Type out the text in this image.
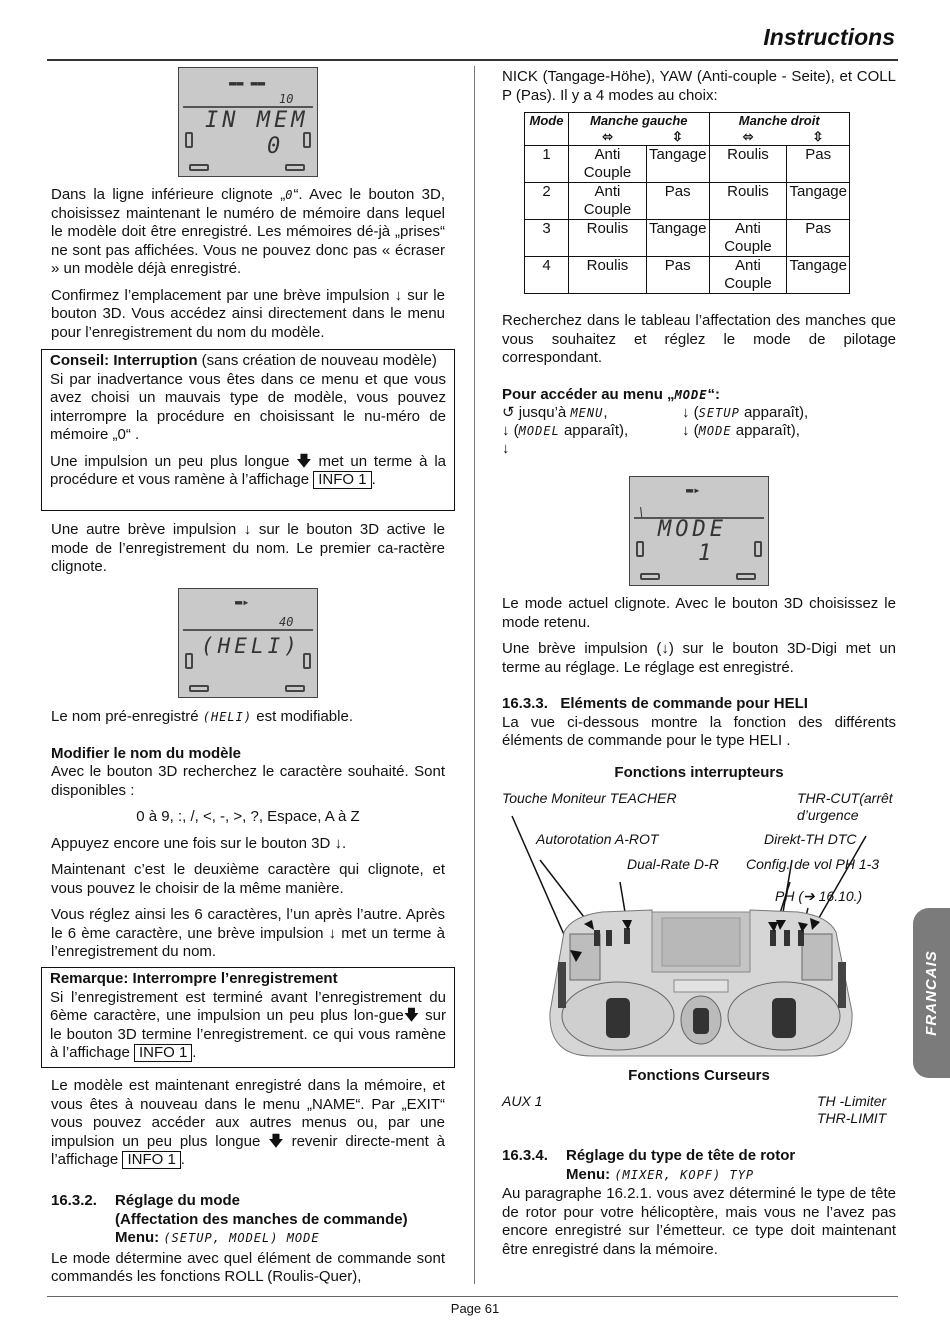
Instructions
▬▬ ▬▬
10
IN MEM
0

Dans la ligne inférieure clignote „0“. Avec le bouton 3D, choisissez maintenant le numéro de mémoire dans lequel le modèle doit être enregistré. Les mémoires dé-jà „prises“ ne sont pas affichées. Vous ne pouvez donc pas « écraser » un modèle déjà enregistré.

Confirmez l’emplacement par une brève impulsion ↓ sur le bouton 3D. Vous accédez ainsi directement dans le menu pour l’enregistrement du nom du modèle.

Conseil: Interruption (sans création de nouveau modèle)

Si par inadvertance vous êtes dans ce menu et que vous avez choisi un mauvais type de modèle, vous pouvez interrompre la procédure en choisissant le nu-méro de mémoire „0“ .

Une impulsion un peu plus longue 🡇 met un terme à la procédure et vous ramène à l’affichage INFO 1 .

Une autre brève impulsion ↓ sur le bouton 3D active le mode de l’enregistrement du nom. Le premier ca-ractère clignote.

▬▸
40
(HELI)

Le nom pré-enregistré (HELI) est modifiable.

Modifier le nom du modèle

Avec le bouton 3D recherchez le caractère souhaité. Sont disponibles :

0 à 9, :, /, <, -, >, ?, Espace, A à Z

Appuyez encore une fois sur le bouton 3D ↓.

Maintenant c’est le deuxième caractère qui clignote, et vous pouvez le choisir de la même manière.

Vous réglez ainsi les 6 caractères, l’un après l’autre. Après le 6 ème caractère, une brève impulsion ↓ met un terme à l’enregistrement du nom.

Remarque: Interrompre l’enregistrement

Si l’enregistrement est terminé avant l’enregistrement du 6ème caractère, une impulsion un peu plus lon-gue🡇 sur le bouton 3D termine l’enregistrement. ce qui vous ramène à l’affichage INFO 1 .

Le modèle est maintenant enregistré dans la mémoire, et vous êtes à nouveau dans le menu „NAME“. Par „EXIT“ vous pouvez accéder aux autres menus ou, par une impulsion un peu plus longue 🡇 revenir directe-ment à l’affichage INFO 1 .

16.3.2. Réglage du mode
(Affectation des manches de commande)
Menu: (SETUP, MODEL) MODE

Le mode détermine avec quel élément de commande sont commandés les fonctions ROLL (Roulis-Quer),

NICK (Tangage-Höhe), YAW (Anti-couple - Seite), et COLL P (Pas). Il y a 4 modes au choix:

Mode	Manche gauche		Manche droit	
	⬄	⇳	⬄	⇳
1	Anti Couple	Tangage	Roulis	Pas
2	Anti Couple	Pas	Roulis	Tangage
3	Roulis	Tangage	Anti Couple	Pas
4	Roulis	Pas	Anti Couple	Tangage

Recherchez dans le tableau l’affectation des manches que vous souhaitez et réglez le mode de pilotage correspondant.

Pour accéder au menu „MODE“:

↺ jusqu’à MENU,	↓ (SETUP apparaît),
↓ (MODEL apparaît),	↓ (MODE apparaît),
↓
▬▸
\
MODE
1

Le mode actuel clignote. Avec le bouton 3D choisissez le mode retenu.

Une brève impulsion (↓) sur le bouton 3D-Digi met un terme au réglage. Le réglage est enregistré.

16.3.3.   Eléments de commande pour HELI

La vue ci-dessous montre la fonction des différents éléments de commande pour le type HELI .

Fonctions interrupteurs
Touche Moniteur TEACHER	THR-CUT(arrêt d’urgence
Autorotation A-ROT	Direkt-TH DTC
Dual-Rate D-R Config. de vol PH 1-3
PH (➔ 16.10.)
Fonctions Curseurs
AUX 1	TH -Limiter THR-LIMIT
16.3.4. Réglage du type de tête de rotor
Menu: (MIXER, KOPF) TYP

Au paragraphe 16.2.1. vous avez déterminé le type de tête de rotor pour votre hélicoptère, mais vous ne l’avez pas encore enregistré sur l’émetteur. ce type doit maintenant être enregistré dans la mémoire.

FRANCAIS
Page 61
